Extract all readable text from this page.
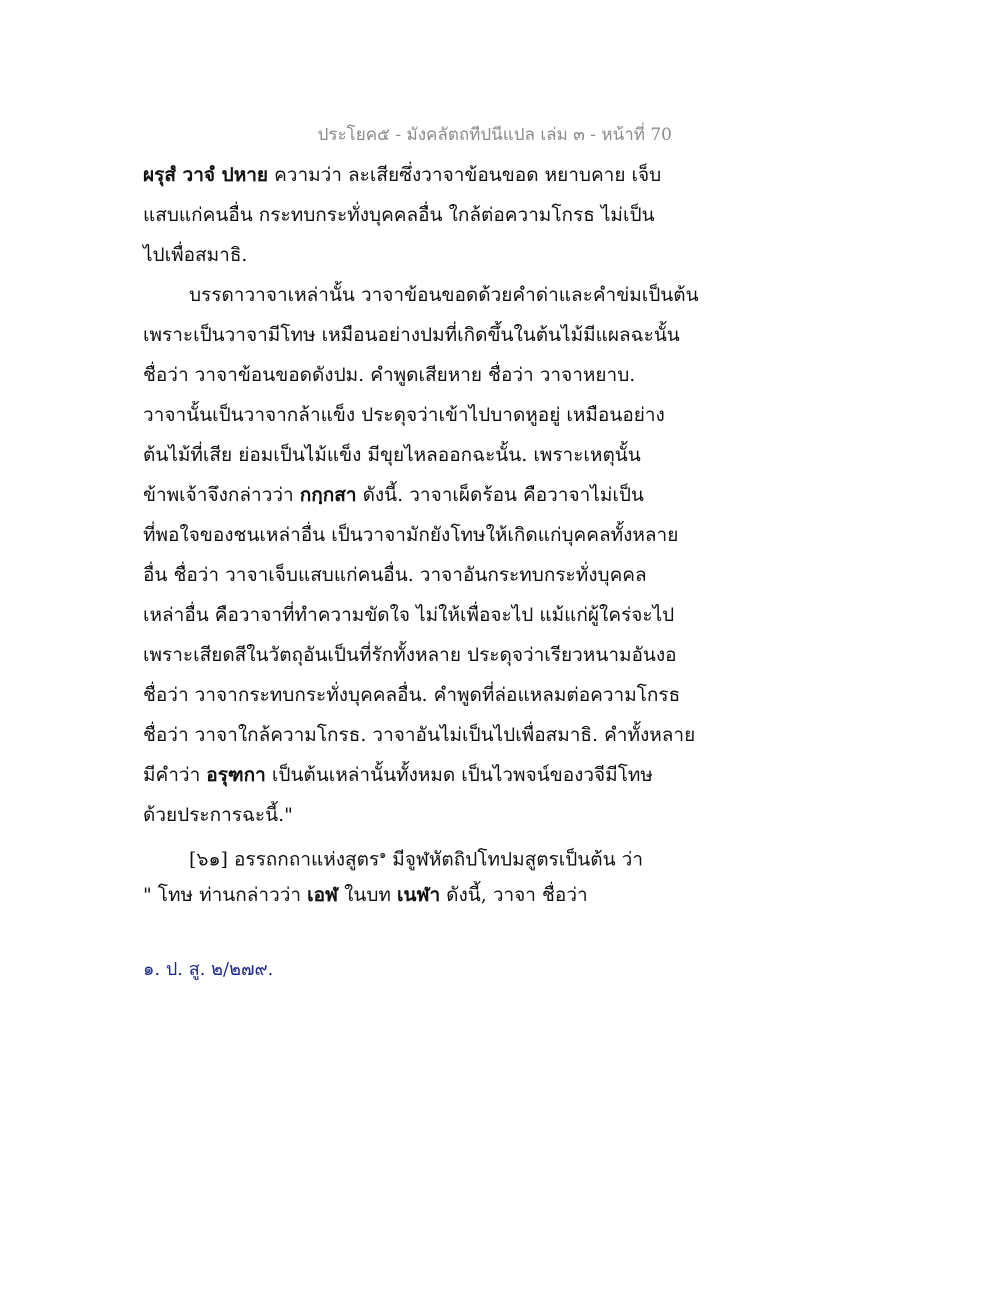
ประโยค๕ - มังคลัตถทีปนีแปล เล่ม ๓ - หน้าที่ 70
ผรุสํ วาจํ ปหาย ความว่า ละเสียซึ่งวาจาข้อนขอด หยาบคาย เจ็บ
แสบแก่คนอื่น กระทบกระทั่งบุคคลอื่น ใกล้ต่อความโกรธ ไม่เป็น
ไปเพื่อสมาธิ.
บรรดาวาจาเหล่านั้น วาจาข้อนขอดด้วยคำด่าและคำข่มเป็นต้น
เพราะเป็นวาจามีโทษ เหมือนอย่างปมที่เกิดขึ้นในต้นไม้มีแผลฉะนั้น
ชื่อว่า วาจาข้อนขอดดังปม. คำพูดเสียหาย ชื่อว่า วาจาหยาบ.
วาจานั้นเป็นวาจากล้าแข็ง ประดุจว่าเข้าไปบาดหูอยู่ เหมือนอย่าง
ต้นไม้ที่เสีย ย่อมเป็นไม้แข็ง มีขุยไหลออกฉะนั้น. เพราะเหตุนั้น
ข้าพเจ้าจึงกล่าวว่า กกฺกสา ดังนี้. วาจาเผ็ดร้อน คือวาจาไม่เป็น
ที่พอใจของชนเหล่าอื่น เป็นวาจามักยังโทษให้เกิดแก่บุคคลทั้งหลาย
อื่น ชื่อว่า วาจาเจ็บแสบแก่คนอื่น. วาจาอันกระทบกระทั่งบุคคล
เหล่าอื่น คือวาจาที่ทำความขัดใจ ไม่ให้เพื่อจะไป แม้แก่ผู้ใคร่จะไป
เพราะเสียดสีในวัตถุอันเป็นที่รักทั้งหลาย ประดุจว่าเรียวหนามอันงอ
ชื่อว่า วาจากระทบกระทั่งบุคคลอื่น. คำพูดที่ล่อแหลมต่อความโกรธ
ชื่อว่า วาจาใกล้ความโกรธ. วาจาอันไม่เป็นไปเพื่อสมาธิ. คำทั้งหลาย
มีคำว่า อรุฑกา เป็นต้นเหล่านั้นทั้งหมด เป็นไวพจน์ของวจีมีโทษ
ด้วยประการฉะนี้."
[๖๑] อรรถกถาแห่งสูตร$^๑$ มีจูฬหัตถิปโทปมสูตรเป็นต้น ว่า
" โทษ ท่านกล่าวว่า เอฬ ในบท เนฬา ดังนี้, วาจา ชื่อว่า
๑. ป. สู. ๒/๒๗๙.
